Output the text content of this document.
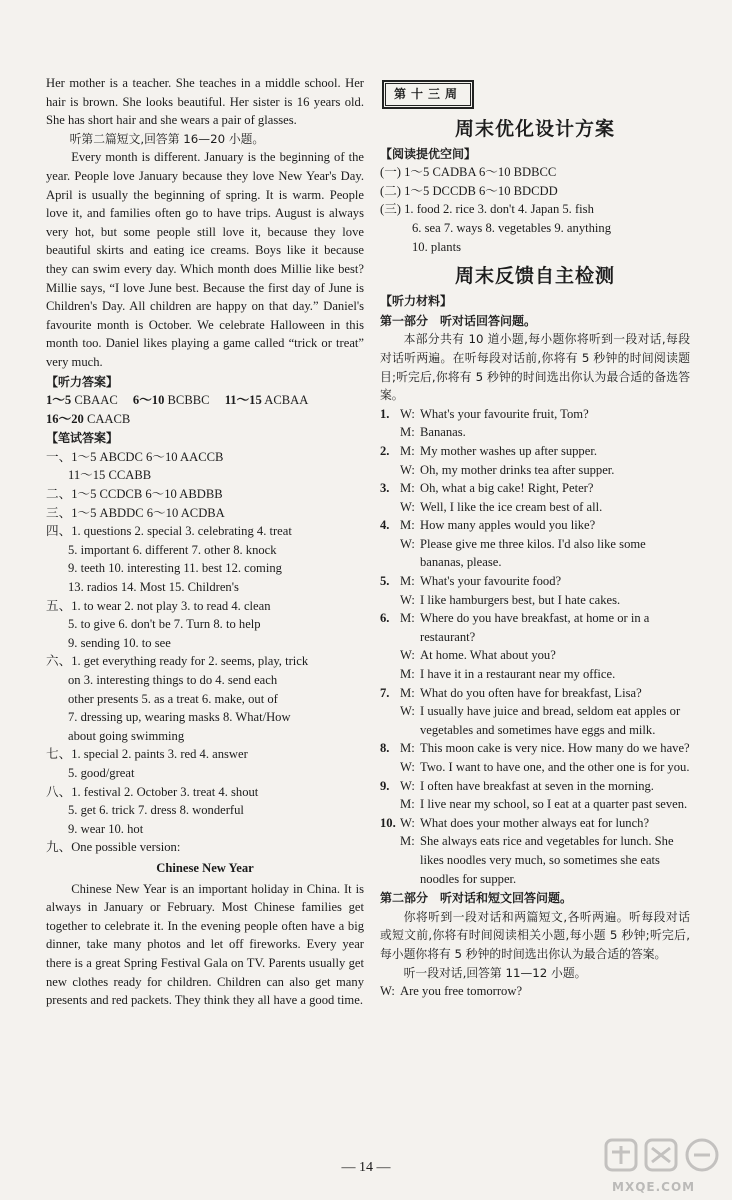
Her mother is a teacher. She teaches in a middle school. Her hair is brown. She looks beautiful. Her sister is 16 years old. She has short hair and she wears a pair of glasses.

听第二篇短文,回答第 16—20 小题。

Every month is different. January is the beginning of the year. People love January because they love New Year's Day. April is usually the beginning of spring. It is warm. People love it, and families often go to have trips. August is always very hot, but some people still love it, because they love beautiful skirts and eating ice creams. Boys like it because they can swim every day. Which month does Millie like best? Millie says, “I love June best. Because the first day of June is Children's Day. All children are happy on that day.” Daniel's favourite month is October. We celebrate Halloween in this month too. Daniel likes playing a game called “trick or treat” very much.

【听力答案】
1～5 CBAAC 6～10 BCBBC 11～15 ACBAA
16～20 CAACB
【笔试答案】
一、1～5 ABCDC 6～10 AACCB
11～15 CCABB
二、1～5 CCDCB 6～10 ABDBB
三、1～5 ABDDC 6～10 ACDBA
四、1. questions 2. special 3. celebrating 4. treat
5. important 6. different 7. other 8. knock
9. teeth 10. interesting 11. best 12. coming
13. radios 14. Most 15. Children's
五、1. to wear 2. not play 3. to read 4. clean
5. to give 6. don't be 7. Turn 8. to help
9. sending 10. to see
六、1. get everything ready for 2. seems, play, trick
on 3. interesting things to do 4. send each
other presents 5. as a treat 6. make, out of
7. dressing up, wearing masks 8. What/How
about going swimming
七、1. special 2. paints 3. red 4. answer
5. good/great
八、1. festival 2. October 3. treat 4. shout
5. get 6. trick 7. dress 8. wonderful
9. wear 10. hot
九、One possible version:
Chinese New Year

Chinese New Year is an important holiday in China. It is always in January or February. Most Chinese families get together to celebrate it. In the evening people often have a big dinner, take many photos and let off fireworks. Every year there is a great Spring Festival Gala on TV. Parents usually get new clothes ready for children. Children can also get many presents and red packets. They think they all have a good time.

第十三周
周末优化设计方案
【阅读提优空间】
(一) 1～5 CADBA 6～10 BDBCC
(二) 1～5 DCCDB 6～10 BDCDD
(三) 1. food 2. rice 3. don't 4. Japan 5. fish
6. sea 7. ways 8. vegetables 9. anything
10. plants
周末反馈自主检测
【听力材料】
第一部分　听对话回答问题。

本部分共有 10 道小题,每小题你将听到一段对话,每段对话听两遍。在听每段对话前,你将有 5 秒钟的时间阅读题目;听完后,你将有 5 秒钟的时间选出你认为最合适的备选答案。

1. W: What's your favourite fruit, Tom?
M: Bananas.
2. M: My mother washes up after supper.
W: Oh, my mother drinks tea after supper.
3. M: Oh, what a big cake! Right, Peter?
W: Well, I like the ice cream best of all.
4. M: How many apples would you like?
W: Please give me three kilos. I'd also like some bananas, please.
5. M: What's your favourite food?
W: I like hamburgers best, but I hate cakes.
6. M: Where do you have breakfast, at home or in a restaurant?
W: At home. What about you?
M: I have it in a restaurant near my office.
7. M: What do you often have for breakfast, Lisa?
W: I usually have juice and bread, seldom eat apples or vegetables and sometimes have eggs and milk.
8. M: This moon cake is very nice. How many do we have?
W: Two. I want to have one, and the other one is for you.
9. W: I often have breakfast at seven in the morning.
M: I live near my school, so I eat at a quarter past seven.
10. W: What does your mother always eat for lunch?
M: She always eats rice and vegetables for lunch. She likes noodles very much, so sometimes she eats noodles for supper.
第二部分　听对话和短文回答问题。

你将听到一段对话和两篇短文,各听两遍。听每段对话或短文前,你将有时间阅读相关小题,每小题 5 秒钟;听完后,每小题你将有 5 秒钟的时间选出你认为最合适的答案。

听一段对话,回答第 11—12 小题。

W: Are you free tomorrow?
— 14 —
MXQE.COM
